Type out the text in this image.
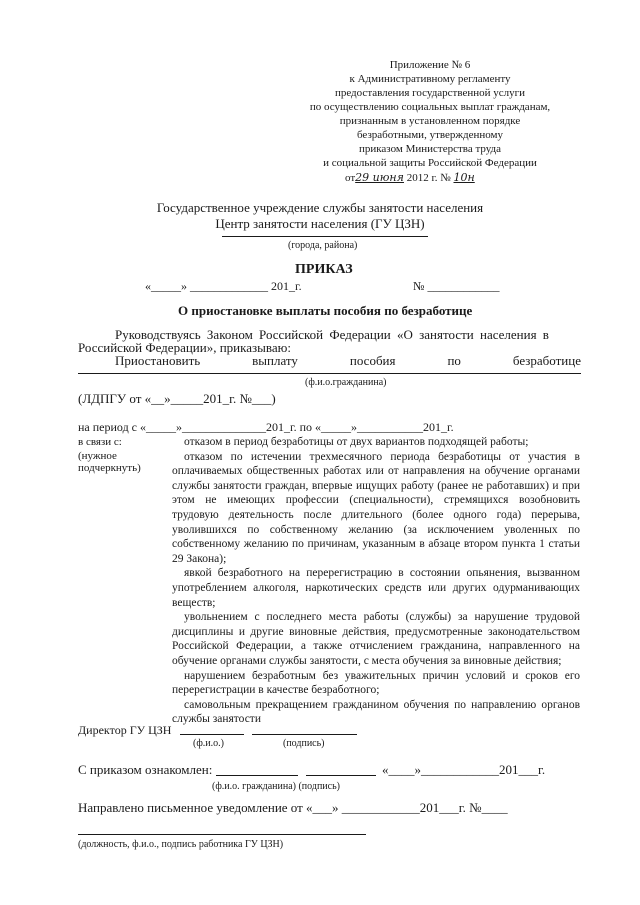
Приложение № 6
к Административному регламенту
предоставления государственной услуги
по осуществлению социальных выплат гражданам,
признанным в установленном порядке
безработными, утвержденному
приказом Министерства труда
и социальной защиты Российской Федерации
от29 июня 2012 г. № 10н
Государственное учреждение службы занятости населения
Центр занятости населения (ГУ ЦЗН)
(города, района)
ПРИКАЗ
«_____» _____________ 201_г.	№ ____________
О приостановке выплаты пособия по безработице
Руководствуясь Законом Российской Федерации «О занятости населения в
Российской Федерации», приказываю:
Приостановить	выплату	пособия	по	безработице
(ф.и.о.гражданина)
(ЛДПГУ от «__»_____201_г. №___)
на период с «_____»______________201_г. по «_____»___________201_г.
в связи с:
(нужное
подчеркнуть)

отказом в период безработицы от двух вариантов подходящей работы;

отказом по истечении трехмесячного периода безработицы от участия в оплачиваемых общественных работах или от направления на обучение органами службы занятости граждан, впервые ищущих работу (ранее не работавших) и при этом не имеющих профессии (специальности), стремящихся возобновить трудовую деятельность после длительного (более одного года) перерыва, уволившихся по собственному желанию (за исключением уволенных по собственному желанию по причинам, указанным в абзаце втором пункта 1 статьи 29 Закона);

явкой безработного на перерегистрацию в состоянии опьянения, вызванном употреблением алкоголя, наркотических средств или других одурманивающих веществ;

увольнением с последнего места работы (службы) за нарушение трудовой дисциплины и другие виновные действия, предусмотренные законодательством Российской Федерации, а также отчислением гражданина, направленного на обучение органами службы занятости, с места обучения за виновные действия;

нарушением безработным без уважительных причин условий и сроков его перерегистрации в качестве безработного;

самовольным прекращением гражданином обучения по направлению органов службы занятости

Директор ГУ ЦЗН
(ф.и.о.)	(подпись)
С приказом ознакомлен:	«____»____________201___г.
(ф.и.о. гражданина) (подпись)
Направлено письменное уведомление от «___» ____________201___г. №____
(должность, ф.и.о., подпись работника ГУ ЦЗН)
